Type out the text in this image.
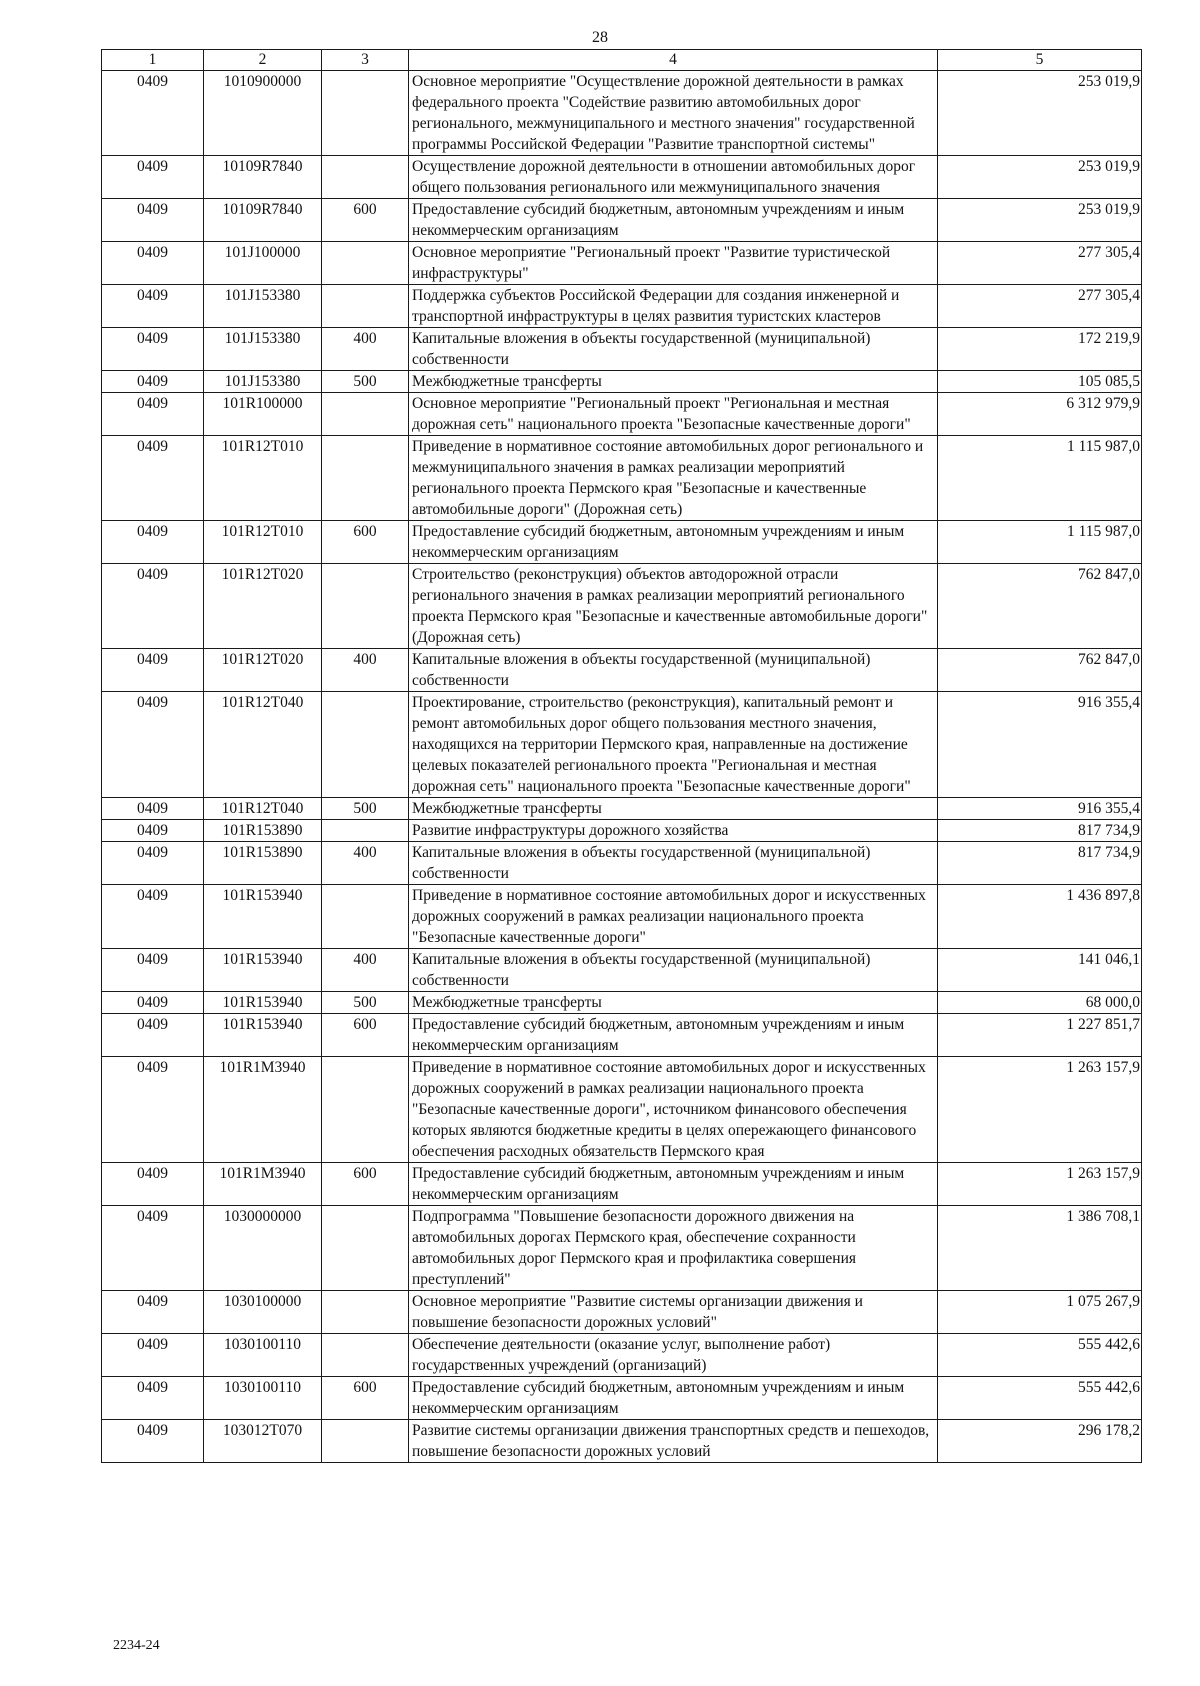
28
1	2	3	4	5
0409	1010900000		Основное мероприятие "Осуществление дорожной деятельности в рамках федерального проекта "Содействие развитию автомобильных дорог регионального, межмуниципального и местного значения" государственной программы Российской Федерации "Развитие транспортной системы"	253 019,9
0409	10109R7840		Осуществление дорожной деятельности в отношении автомобильных дорог общего пользования регионального или межмуниципального значения	253 019,9
0409	10109R7840	600	Предоставление субсидий бюджетным, автономным учреждениям и иным некоммерческим организациям	253 019,9
0409	101J100000		Основное мероприятие "Региональный проект "Развитие туристической инфраструктуры"	277 305,4
0409	101J153380		Поддержка субъектов Российской Федерации для создания инженерной и транспортной инфраструктуры в целях развития туристских кластеров	277 305,4
0409	101J153380	400	Капитальные вложения в объекты государственной (муниципальной) собственности	172 219,9
0409	101J153380	500	Межбюджетные трансферты	105 085,5
0409	101R100000		Основное мероприятие "Региональный проект "Региональная и местная дорожная сеть" национального проекта "Безопасные качественные дороги"	6 312 979,9
0409	101R12T010		Приведение в нормативное состояние автомобильных дорог регионального и межмуниципального значения в рамках реализации мероприятий регионального проекта Пермского края "Безопасные и качественные автомобильные дороги" (Дорожная сеть)	1 115 987,0
0409	101R12T010	600	Предоставление субсидий бюджетным, автономным учреждениям и иным некоммерческим организациям	1 115 987,0
0409	101R12T020		Строительство (реконструкция) объектов автодорожной отрасли регионального значения в рамках реализации мероприятий регионального проекта Пермского края "Безопасные и качественные автомобильные дороги" (Дорожная сеть)	762 847,0
0409	101R12T020	400	Капитальные вложения в объекты государственной (муниципальной) собственности	762 847,0
0409	101R12T040		Проектирование, строительство (реконструкция), капитальный ремонт и ремонт автомобильных дорог общего пользования местного значения, находящихся на территории Пермского края, направленные на достижение целевых показателей регионального проекта "Региональная и местная дорожная сеть" национального проекта "Безопасные качественные дороги"	916 355,4
0409	101R12T040	500	Межбюджетные трансферты	916 355,4
0409	101R153890		Развитие инфраструктуры дорожного хозяйства	817 734,9
0409	101R153890	400	Капитальные вложения в объекты государственной (муниципальной) собственности	817 734,9
0409	101R153940		Приведение в нормативное состояние автомобильных дорог и искусственных дорожных сооружений в рамках реализации национального проекта "Безопасные качественные дороги"	1 436 897,8
0409	101R153940	400	Капитальные вложения в объекты государственной (муниципальной) собственности	141 046,1
0409	101R153940	500	Межбюджетные трансферты	68 000,0
0409	101R153940	600	Предоставление субсидий бюджетным, автономным учреждениям и иным некоммерческим организациям	1 227 851,7
0409	101R1M3940		Приведение в нормативное состояние автомобильных дорог и искусственных дорожных сооружений в рамках реализации национального проекта "Безопасные качественные дороги", источником финансового обеспечения которых являются бюджетные кредиты в целях опережающего финансового обеспечения расходных обязательств Пермского края	1 263 157,9
0409	101R1M3940	600	Предоставление субсидий бюджетным, автономным учреждениям и иным некоммерческим организациям	1 263 157,9
0409	1030000000		Подпрограмма "Повышение безопасности дорожного движения на автомобильных дорогах Пермского края, обеспечение сохранности автомобильных дорог Пермского края и профилактика совершения преступлений"	1 386 708,1
0409	1030100000		Основное мероприятие "Развитие системы организации движения и повышение безопасности дорожных условий"	1 075 267,9
0409	1030100110		Обеспечение деятельности (оказание услуг, выполнение работ) государственных учреждений (организаций)	555 442,6
0409	1030100110	600	Предоставление субсидий бюджетным, автономным учреждениям и иным некоммерческим организациям	555 442,6
0409	103012T070		Развитие системы организации движения транспортных средств и пешеходов, повышение безопасности дорожных условий	296 178,2
2234-24
